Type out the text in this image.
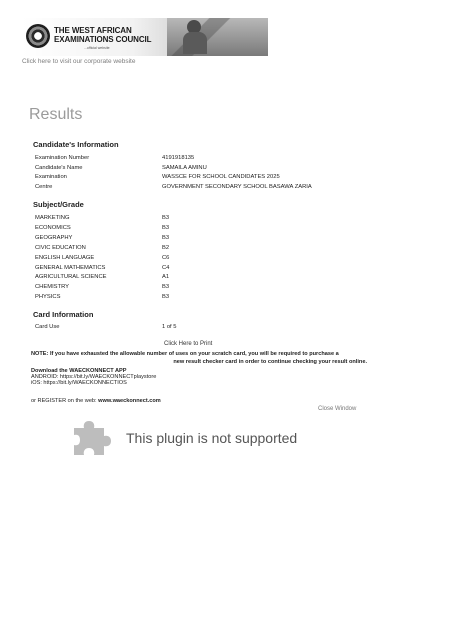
THE WEST AFRICAN
EXAMINATIONS COUNCIL
...official website
Click here to visit our corporate website
Results
Candidate's Information
Examination Number	4191918135
Candidate's Name	SAMAILA AMINU
Examination	WASSCE FOR SCHOOL CANDIDATES 2025
Centre	GOVERNMENT SECONDARY SCHOOL BASAWA ZARIA
Subject/Grade
MARKETING	B3
ECONOMICS	B3
GEOGRAPHY	B3
CIVIC EDUCATION	B2
ENGLISH LANGUAGE	C6
GENERAL MATHEMATICS	C4
AGRICULTURAL SCIENCE	A1
CHEMISTRY	B3
PHYSICS	B3
Card Information
Card Use	1 of 5
Click Here to Print
NOTE: If you have exhausted the allowable number of uses on your scratch card, you will be required to purchase a
new result checker card in order to continue checking your result online.
Download the WAECKONNECT APP
ANDROID: https://bit.ly/WAECKONNECTplaystore
iOS: https://bit.ly/WAECKONNECTIOS
or REGISTER on the web: www.waeckonnect.com
Close Window
This plugin is not supported
